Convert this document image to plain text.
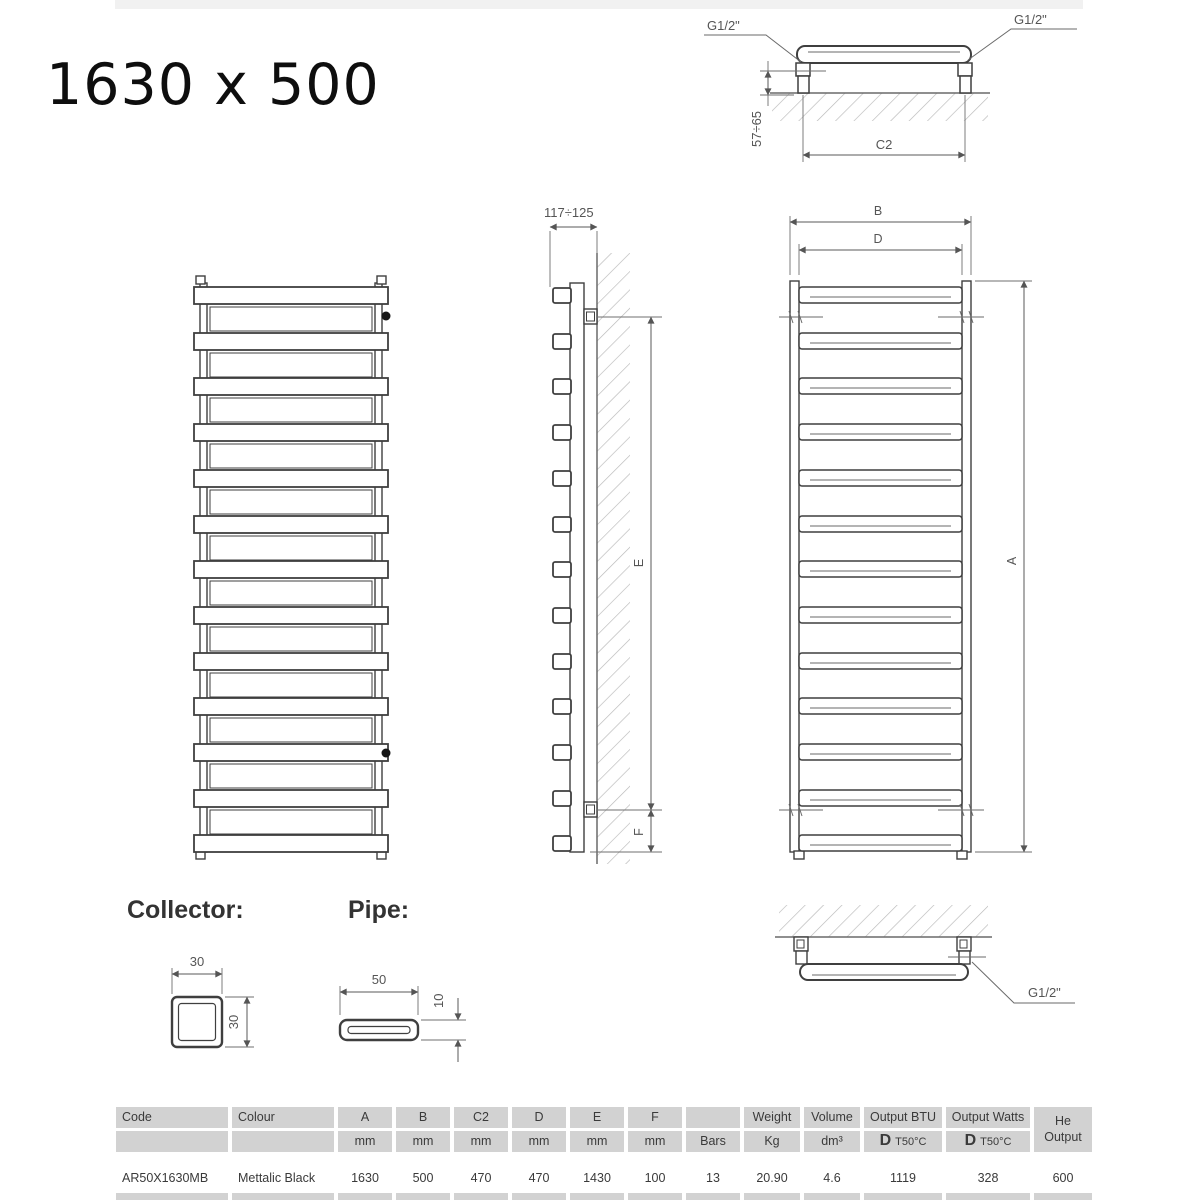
1630 x 500
Collector:	Pipe:
G1/2"	G1/2"
57÷65	C2
117÷125
E
F
B
D
A
30
30
50
10
G1/2"
Code	Colour	A	B	C2	D	E	F		Weight	Volume	Output BTU	Output Watts	He
Output

		mm	mm	mm	mm	mm	mm	Bars	Kg	dm³	D T50°C	D T50°C	

AR50X1630MB	Mettalic Black	1630	500	470	470	1430	100	13	20.90	4.6	1119	328	600
